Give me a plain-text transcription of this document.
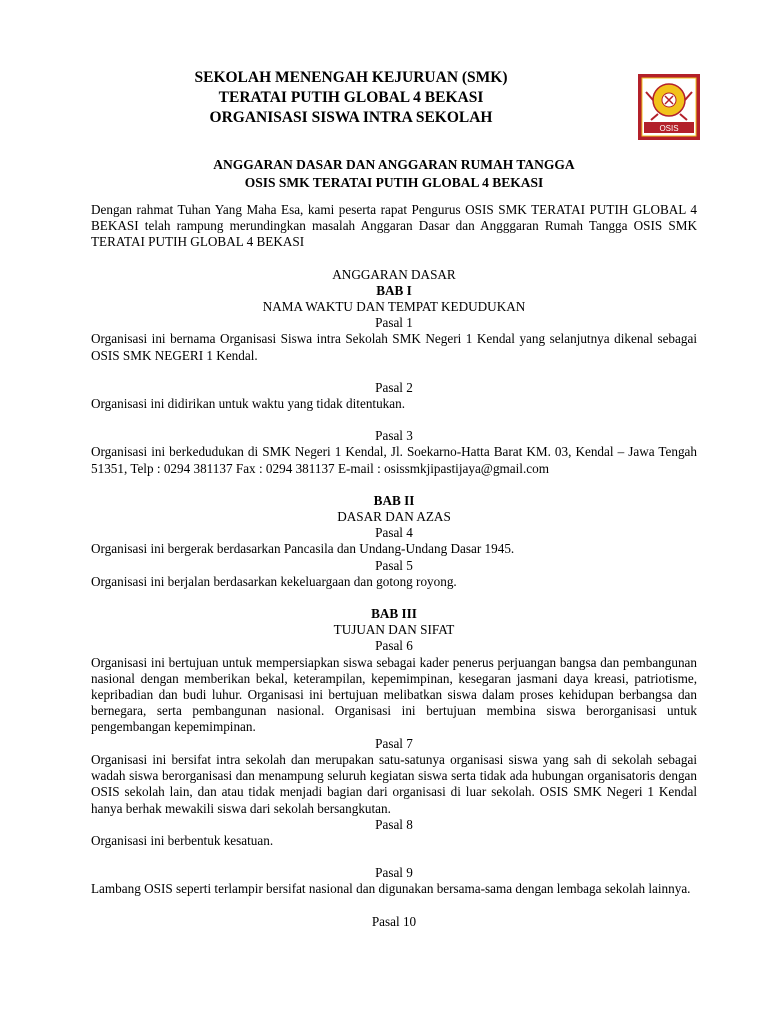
SEKOLAH MENENGAH KEJURUAN (SMK)
TERATAI PUTIH GLOBAL 4 BEKASI
ORGANISASI SISWA INTRA SEKOLAH
OSIS
ANGGARAN DASAR DAN ANGGARAN RUMAH TANGGA
OSIS SMK TERATAI PUTIH GLOBAL 4 BEKASI

Dengan rahmat Tuhan Yang Maha Esa, kami peserta rapat Pengurus OSIS SMK TERATAI PUTIH GLOBAL 4 BEKASI telah rampung merundingkan masalah Anggaran Dasar dan Angggaran Rumah Tangga OSIS SMK TERATAI PUTIH GLOBAL 4 BEKASI

ANGGARAN DASAR

BAB I

NAMA WAKTU DAN TEMPAT KEDUDUKAN

Pasal 1

Organisasi ini bernama Organisasi Siswa intra Sekolah SMK Negeri 1 Kendal yang selanjutnya dikenal sebagai OSIS SMK NEGERI 1 Kendal.

Pasal 2

Organisasi ini didirikan untuk waktu yang tidak ditentukan.

Pasal 3

Organisasi ini berkedudukan di SMK Negeri 1 Kendal, Jl. Soekarno-Hatta Barat KM. 03, Kendal – Jawa Tengah 51351, Telp : 0294 381137 Fax : 0294 381137 E-mail : osissmkjipastijaya@gmail.com

BAB II

DASAR DAN AZAS

Pasal 4

Organisasi ini bergerak berdasarkan Pancasila dan Undang-Undang Dasar 1945.

Pasal 5

Organisasi ini berjalan berdasarkan kekeluargaan dan gotong royong.

BAB III

TUJUAN DAN SIFAT

Pasal 6

Organisasi ini bertujuan untuk mempersiapkan siswa sebagai kader penerus perjuangan bangsa dan pembangunan nasional dengan memberikan bekal, keterampilan, kepemimpinan, kesegaran jasmani daya kreasi, patriotisme, kepribadian dan budi luhur. Organisasi ini bertujuan melibatkan siswa dalam proses kehidupan berbangsa dan bernegara, serta pembangunan nasional. Organisasi ini bertujuan membina siswa berorganisasi untuk pengembangan kepemimpinan.

Pasal 7

Organisasi ini bersifat intra sekolah dan merupakan satu-satunya organisasi siswa yang sah di sekolah sebagai wadah siswa berorganisasi dan menampung seluruh kegiatan siswa serta tidak ada hubungan organisatoris dengan OSIS sekolah lain, dan atau tidak menjadi bagian dari organisasi di luar sekolah. OSIS SMK Negeri 1 Kendal hanya berhak mewakili siswa dari sekolah bersangkutan.

Pasal 8

Organisasi ini berbentuk kesatuan.

Pasal 9

Lambang OSIS seperti terlampir bersifat nasional dan digunakan bersama-sama dengan lembaga sekolah lainnya.

Pasal 10
